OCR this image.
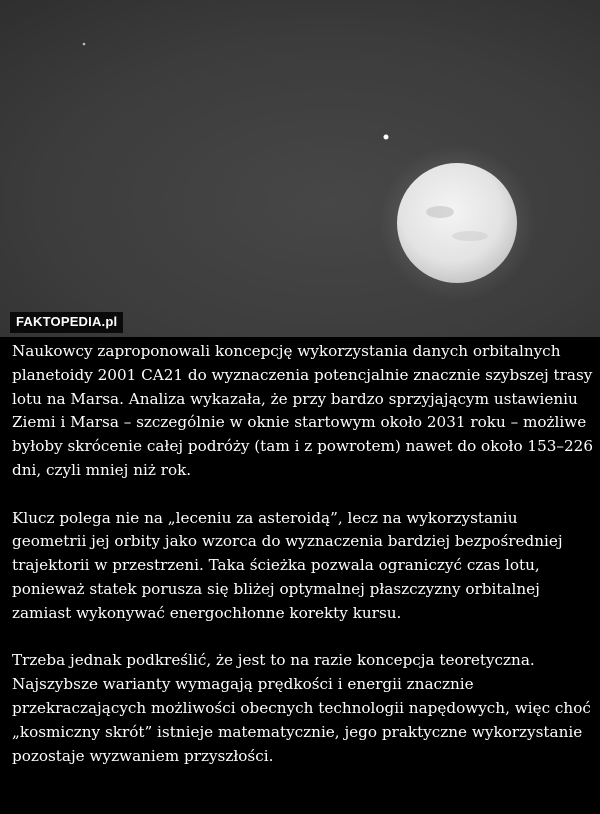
FAKTOPEDIA.pl

Naukowcy zaproponowali koncepcję wykorzystania danych orbitalnych planetoidy 2001 CA21 do wyznaczenia potencjalnie znacznie szybszej trasy lotu na Marsa. Analiza wykazała, że przy bardzo sprzyjającym ustawieniu Ziemi i Marsa – szczególnie w oknie startowym około 2031 roku – możliwe byłoby skrócenie całej podróży (tam i z powrotem) nawet do około 153–226 dni, czyli mniej niż rok.

Klucz polega nie na „leceniu za asteroidą”, lecz na wykorzystaniu geometrii jej orbity jako wzorca do wyznaczenia bardziej bezpośredniej trajektorii w przestrzeni. Taka ścieżka pozwala ograniczyć czas lotu, ponieważ statek porusza się bliżej optymalnej płaszczyzny orbitalnej zamiast wykonywać energochłonne korekty kursu.

Trzeba jednak podkreślić, że jest to na razie koncepcja teoretyczna. Najszybsze warianty wymagają prędkości i energii znacznie przekraczających możliwości obecnych technologii napędowych, więc choć „kosmiczny skrót” istnieje matematycznie, jego praktyczne wykorzystanie pozostaje wyzwaniem przyszłości.
